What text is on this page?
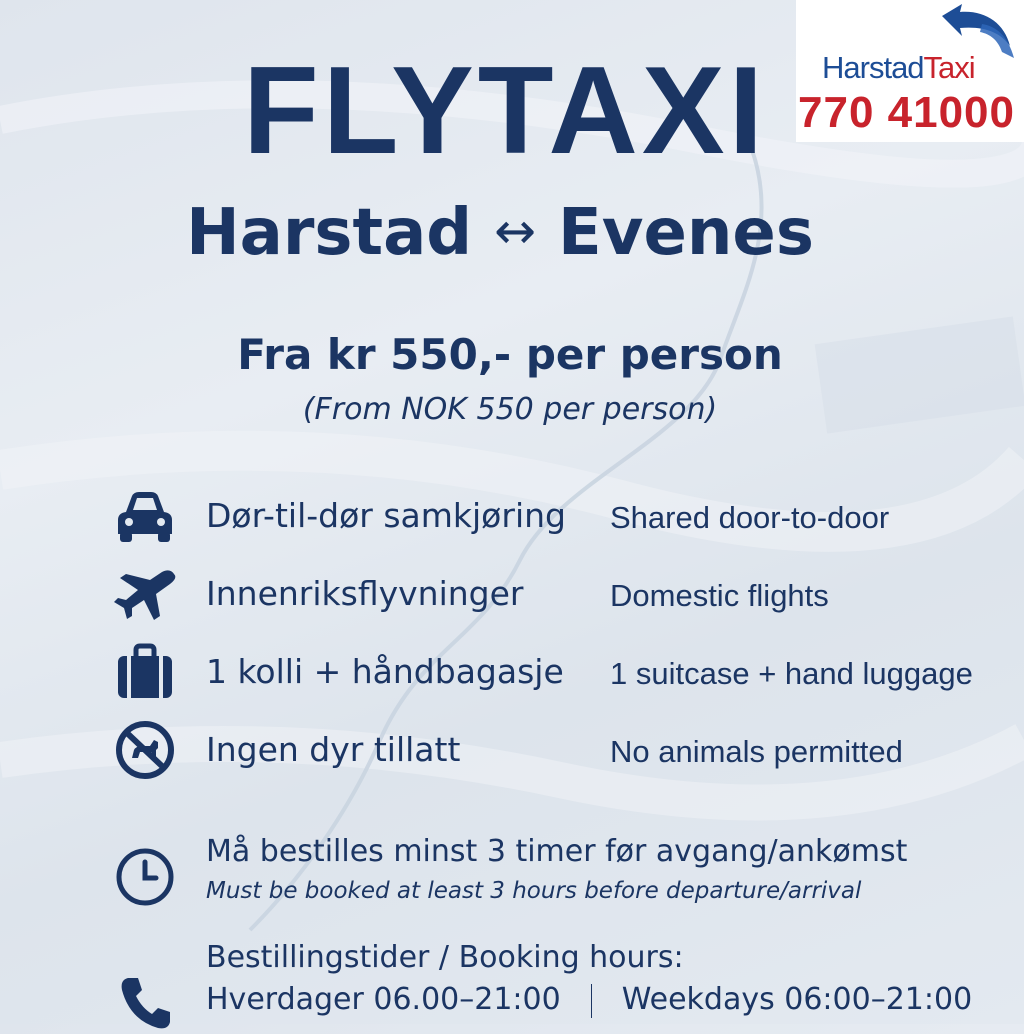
HarstadTaxi
770 41000
FLYTAXI
Harstad ↔ Evenes
Fra kr 550,- per person
(From NOK 550 per person)
Dør-til-dør samkjøring Shared door-to-door
Innenriksflyvninger	Domestic flights
1 kolli + håndbagasje 1 suitcase + hand luggage
Ingen dyr tillatt	No animals permitted
Må bestilles minst 3 timer før avgang/ankømst
Must be booked at least 3 hours before departure/arrival
Bestillingstider / Booking hours:
Hverdager 06.00–21:00 Weekdays 06:00–21:00
